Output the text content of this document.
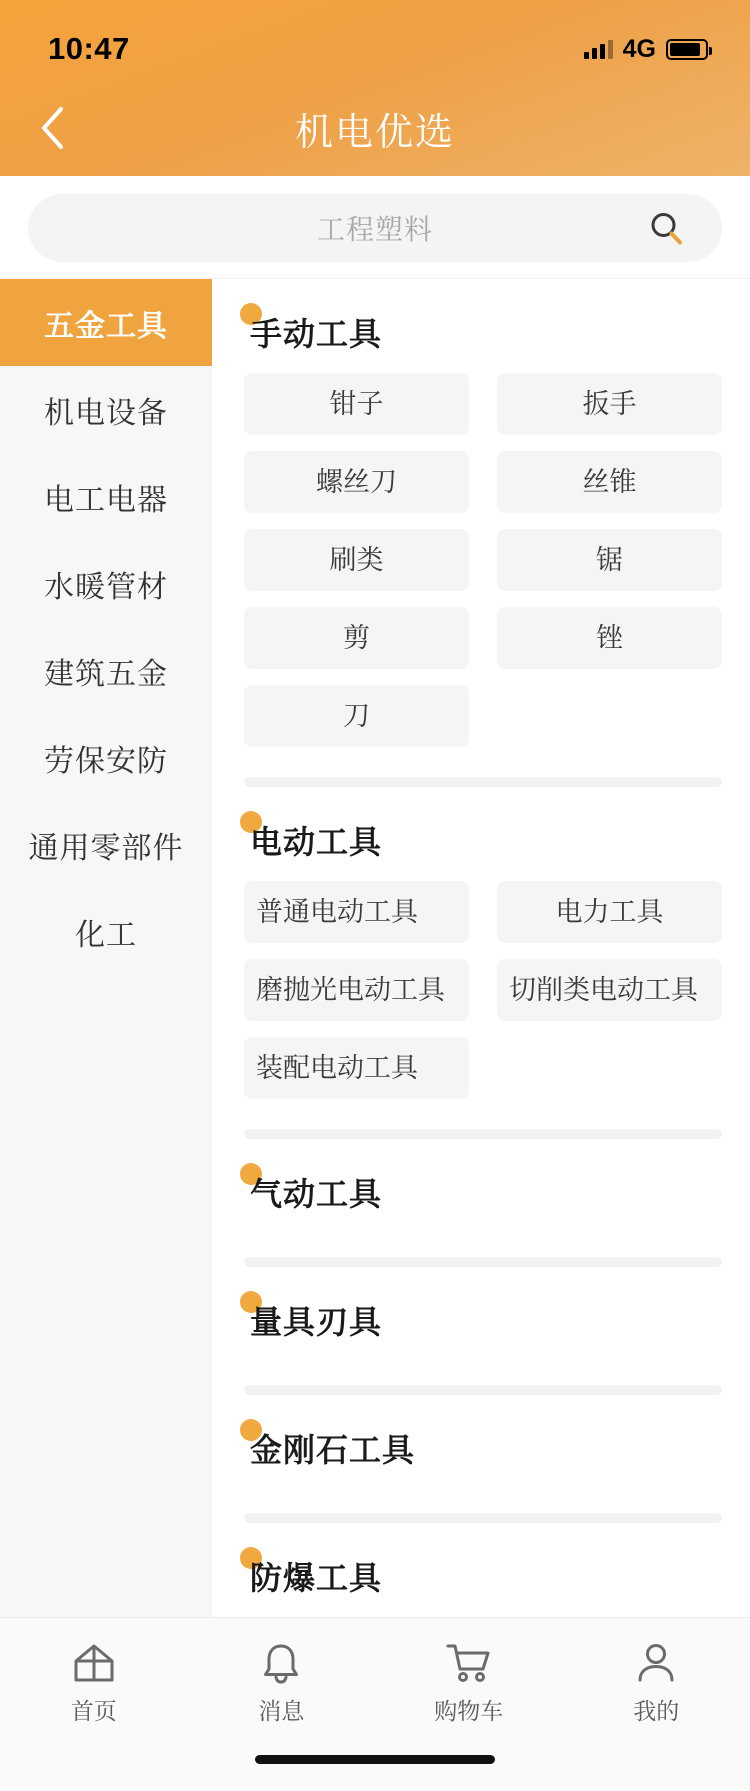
10:47	4G
机电优选
工程塑料
五金工具
机电设备
电工电器
水暖管材
建筑五金
劳保安防
通用零部件
化工
手动工具
钳子	扳手
螺丝刀	丝锥
刷类	锯
剪	锉
刀
电动工具
普通电动工具	电力工具
磨抛光电动工具	切削类电动工具
装配电动工具
气动工具
量具刃具
金刚石工具
防爆工具
首页	消息	购物车	我的
